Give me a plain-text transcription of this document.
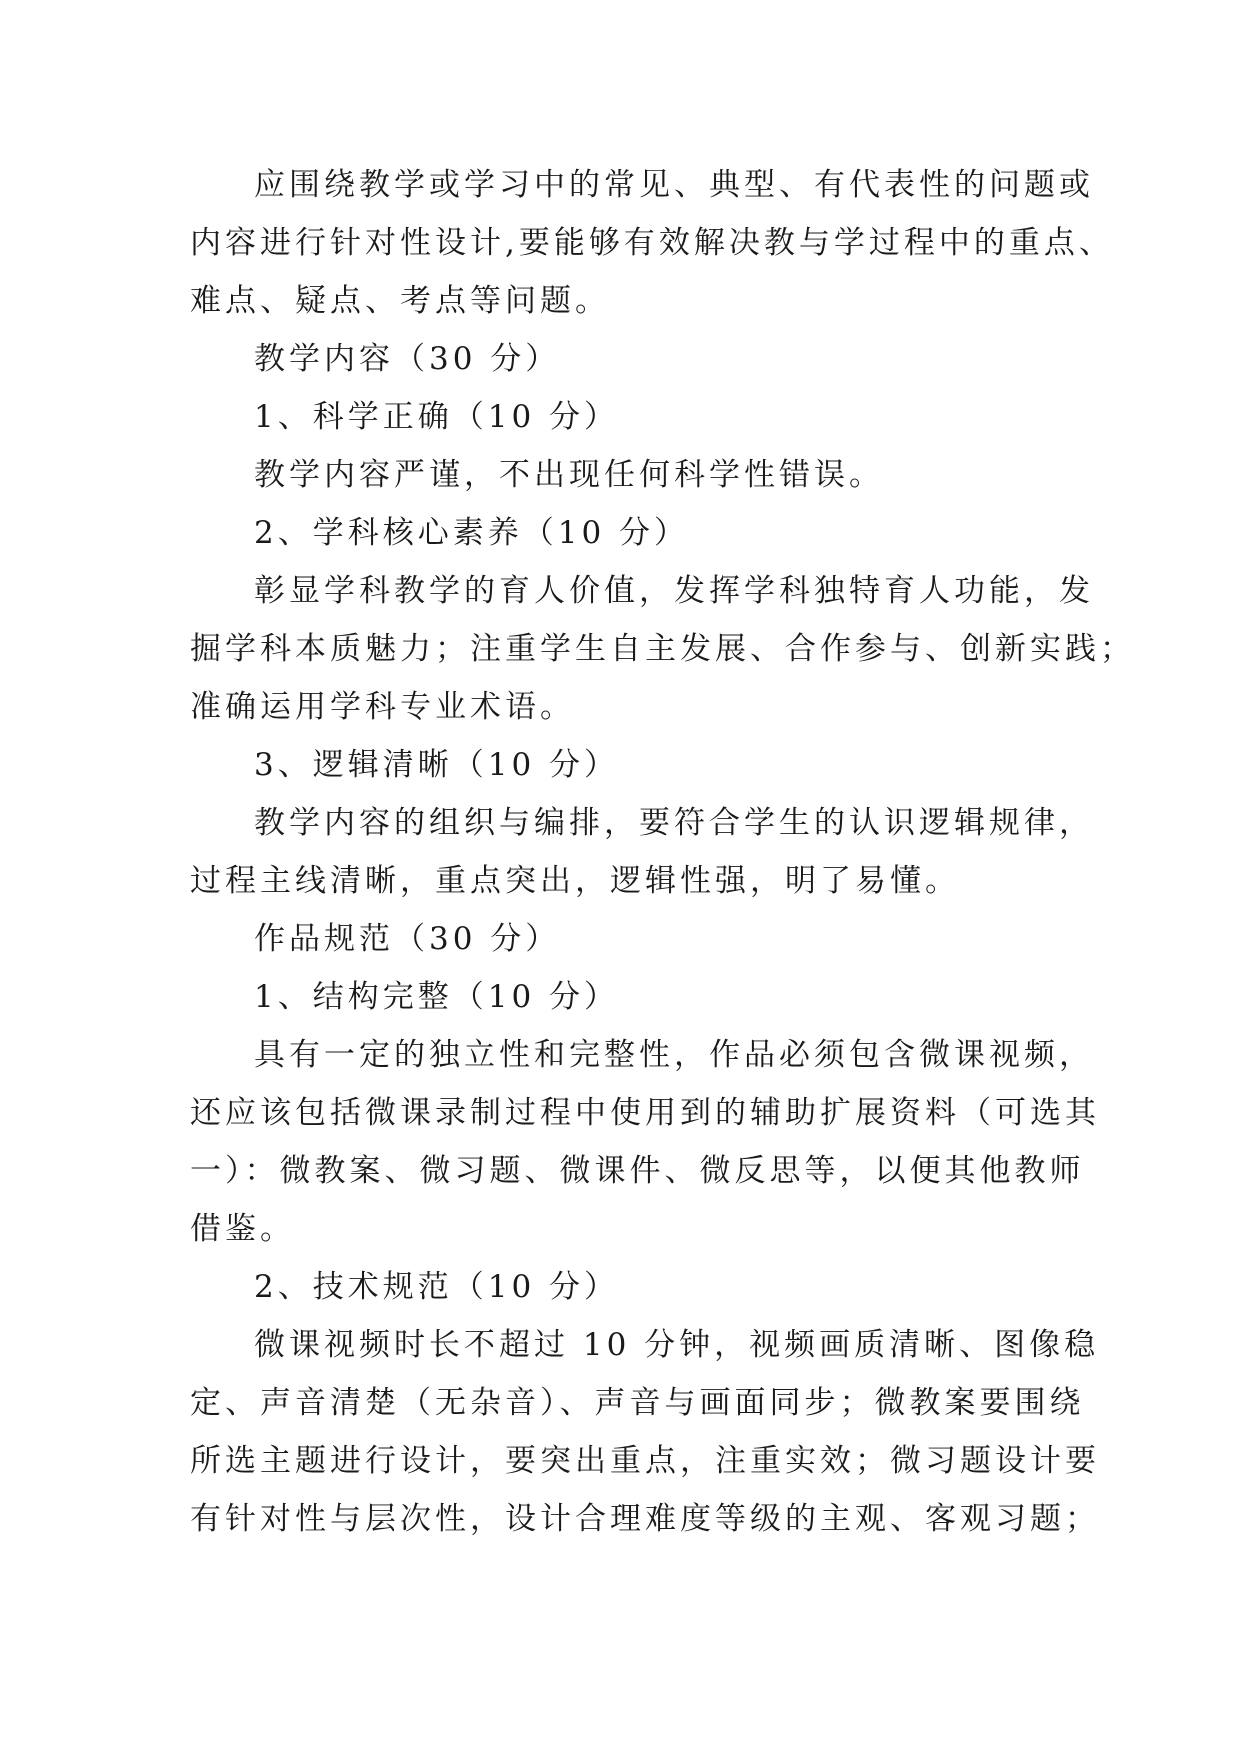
应围绕教学或学习中的常见、典型、有代表性的问题或
内容进行针对性设计,要能够有效解决教与学过程中的重点、
难点、疑点、考点等问题。
教学内容（30 分）
1、科学正确（10 分）
教学内容严谨，不出现任何科学性错误。
2、学科核心素养（10 分）
彰显学科教学的育人价值，发挥学科独特育人功能，发
掘学科本质魅力；注重学生自主发展、合作参与、创新实践；
准确运用学科专业术语。
3、逻辑清晰（10 分）
教学内容的组织与编排，要符合学生的认识逻辑规律，
过程主线清晰，重点突出，逻辑性强，明了易懂。
作品规范（30 分）
1、结构完整（10 分）
具有一定的独立性和完整性，作品必须包含微课视频，
还应该包括微课录制过程中使用到的辅助扩展资料（可选其
一）：微教案、微习题、微课件、微反思等，以便其他教师
借鉴。
2、技术规范（10 分）
微课视频时长不超过 10 分钟，视频画质清晰、图像稳
定、声音清楚（无杂音）、声音与画面同步；微教案要围绕
所选主题进行设计，要突出重点，注重实效；微习题设计要
有针对性与层次性，设计合理难度等级的主观、客观习题；
